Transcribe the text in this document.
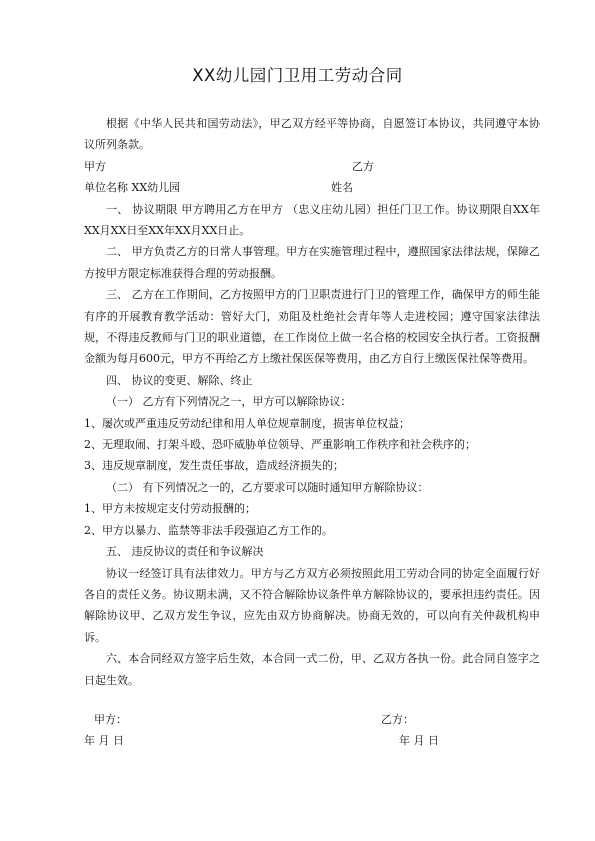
XX幼儿园门卫用工劳动合同

根据《中华人民共和国劳动法》，甲乙双方经平等协商，自愿签订本协议，共同遵守本协议所列条款。

甲方	乙方
单位名称 XX幼儿园	姓名

一、 协议期限 甲方聘用乙方在甲方 （忠义庄幼儿园）担任门卫工作。协议期限自XX年 XX月XX日至XX年XX月XX日止。

二、 甲方负责乙方的日常人事管理。甲方在实施管理过程中，遵照国家法律法规，保障乙方按甲方限定标准获得合理的劳动报酬。

三、 乙方在工作期间，乙方按照甲方的门卫职责进行门卫的管理工作，确保甲方的师生能有序的开展教育教学活动：管好大门，劝阻及杜绝社会青年等人走进校园；遵守国家法律法规，不得违反教师与门卫的职业道德，在工作岗位上做一名合格的校园安全执行者。工资报酬金额为每月600元，甲方不再给乙方上缴社保医保等费用，由乙方自行上缴医保社保等费用。

四、 协议的变更、解除、终止

（一） 乙方有下列情况之一，甲方可以解除协议：

1、屡次或严重违反劳动纪律和用人单位规章制度，损害单位权益；

2、无理取闹、打架斗殴、恐吓威胁单位领导、严重影响工作秩序和社会秩序的；

3、违反规章制度，发生责任事故，造成经济损失的；

（二） 有下列情况之一的，乙方要求可以随时通知甲方解除协议：

1、甲方未按规定支付劳动报酬的；

2、甲方以暴力、监禁等非法手段强迫乙方工作的。

五、 违反协议的责任和争议解决

协议一经签订具有法律效力。甲方与乙方双方必须按照此用工劳动合同的协定全面履行好各自的责任义务。协议期未满，又不符合解除协议条件单方解除协议的，要承担违约责任。因解除协议甲、乙双方发生争议，应先由双方协商解决。协商无效的，可以向有关仲裁机构申诉。

六、本合同经双方签字后生效，本合同一式二份，甲、乙双方各执一份。此合同自签字之日起生效。

甲方：	乙方：
年 月 日	年 月 日
